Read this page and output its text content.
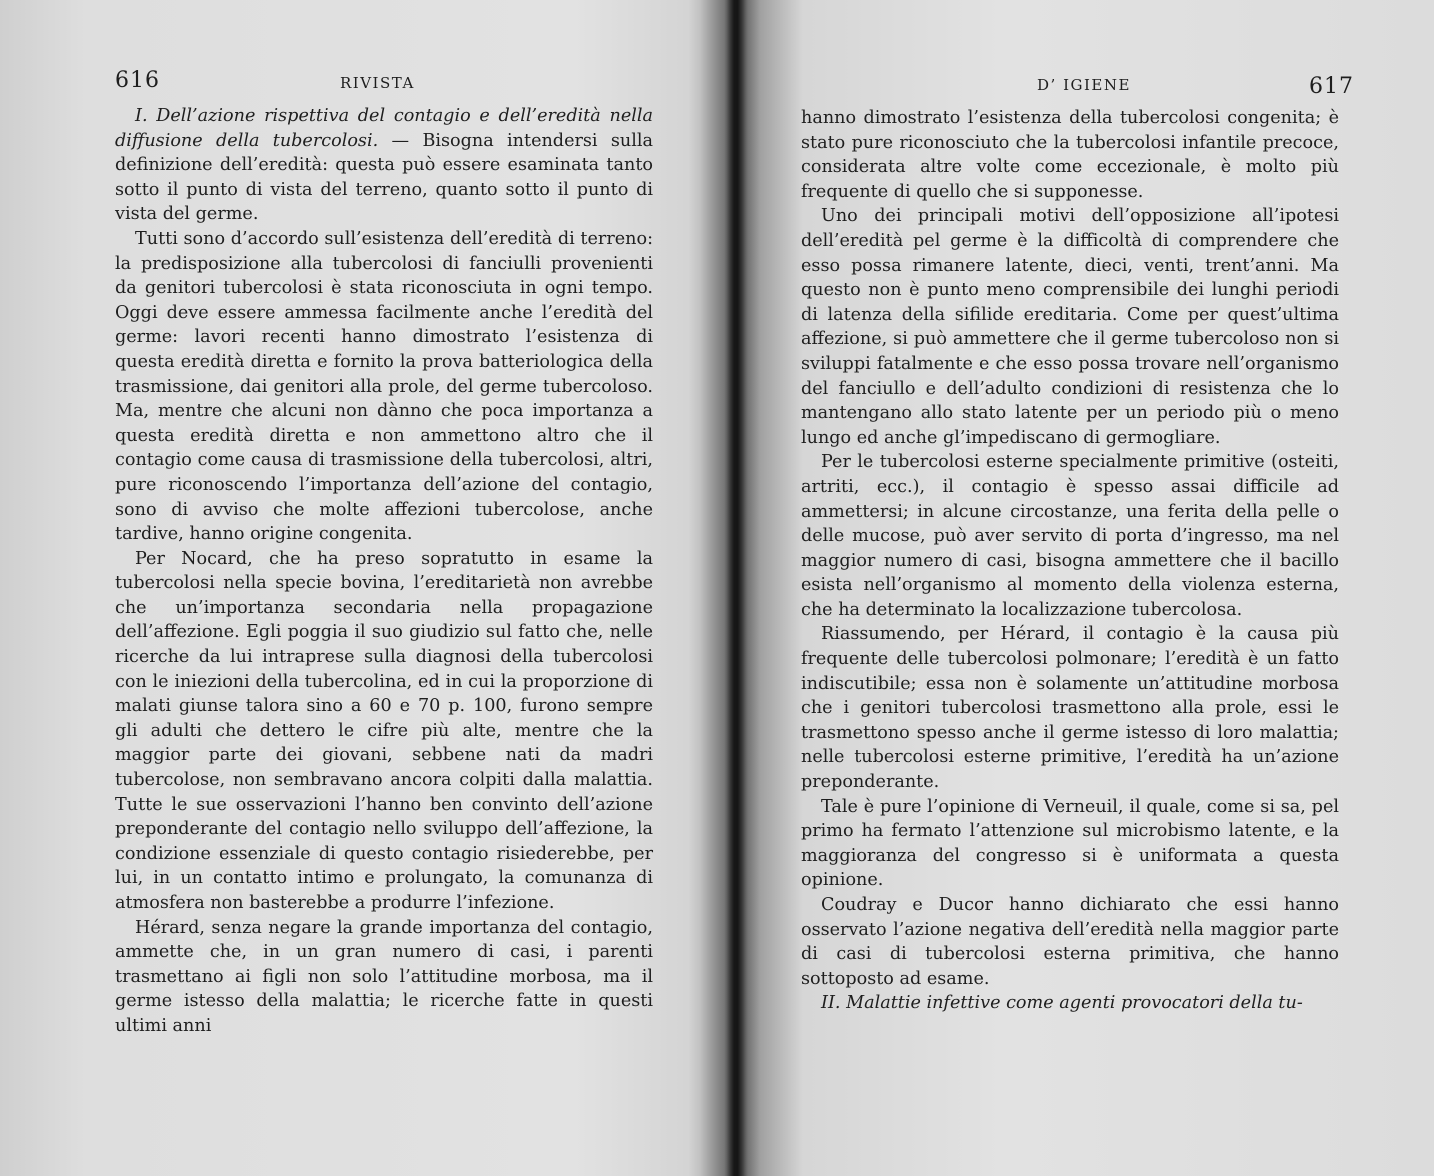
616	RIVISTA

I. Dell’azione rispettiva del contagio e dell’eredità nella diffusione della tubercolosi. — Bisogna intendersi sulla definizione dell’eredità: questa può essere esaminata tanto sotto il punto di vista del terreno, quanto sotto il punto di vista del germe.

Tutti sono d’accordo sull’esistenza dell’eredità di terreno: la predisposizione alla tubercolosi di fanciulli provenienti da genitori tubercolosi è stata riconosciuta in ogni tempo. Oggi deve essere ammessa facilmente anche l’eredità del germe: lavori recenti hanno dimostrato l’esistenza di questa eredità diretta e fornito la prova batteriologica della trasmissione, dai genitori alla prole, del germe tubercoloso. Ma, mentre che alcuni non dànno che poca importanza a questa eredità diretta e non ammettono altro che il contagio come causa di trasmissione della tubercolosi, altri, pure riconoscendo l’importanza dell’azione del contagio, sono di avviso che molte affezioni tubercolose, anche tardive, hanno origine congenita.

Per Nocard, che ha preso sopratutto in esame la tubercolosi nella specie bovina, l’ereditarietà non avrebbe che un’importanza secondaria nella propagazione dell’affezione. Egli poggia il suo giudizio sul fatto che, nelle ricerche da lui intraprese sulla diagnosi della tubercolosi con le iniezioni della tubercolina, ed in cui la proporzione di malati giunse talora sino a 60 e 70 p. 100, furono sempre gli adulti che dettero le cifre più alte, mentre che la maggior parte dei giovani, sebbene nati da madri tubercolose, non sembravano ancora colpiti dalla malattia. Tutte le sue osservazioni l’hanno ben convinto dell’azione preponderante del contagio nello sviluppo dell’affezione, la condizione essenziale di questo contagio risiederebbe, per lui, in un contatto intimo e prolungato, la comunanza di atmosfera non basterebbe a produrre l’infezione.

Hérard, senza negare la grande importanza del contagio, ammette che, in un gran numero di casi, i parenti trasmettano ai figli non solo l’attitudine morbosa, ma il germe istesso della malattia; le ricerche fatte in questi ultimi anni

D’ IGIENE	617

hanno dimostrato l’esistenza della tubercolosi congenita; è stato pure riconosciuto che la tubercolosi infantile precoce, considerata altre volte come eccezionale, è molto più frequente di quello che si supponesse.

Uno dei principali motivi dell’opposizione all’ipotesi dell’eredità pel germe è la difficoltà di comprendere che esso possa rimanere latente, dieci, venti, trent’anni. Ma questo non è punto meno comprensibile dei lunghi periodi di latenza della sifilide ereditaria. Come per quest’ultima affezione, si può ammettere che il germe tubercoloso non si sviluppi fatalmente e che esso possa trovare nell’organismo del fanciullo e dell’adulto condizioni di resistenza che lo mantengano allo stato latente per un periodo più o meno lungo ed anche gl’impediscano di germogliare.

Per le tubercolosi esterne specialmente primitive (osteiti, artriti, ecc.), il contagio è spesso assai difficile ad ammettersi; in alcune circostanze, una ferita della pelle o delle mucose, può aver servito di porta d’ingresso, ma nel maggior numero di casi, bisogna ammettere che il bacillo esista nell’organismo al momento della violenza esterna, che ha determinato la localizzazione tubercolosa.

Riassumendo, per Hérard, il contagio è la causa più frequente delle tubercolosi polmonare; l’eredità è un fatto indiscutibile; essa non è solamente un’attitudine morbosa che i genitori tubercolosi trasmettono alla prole, essi le trasmettono spesso anche il germe istesso di loro malattia; nelle tubercolosi esterne primitive, l’eredità ha un’azione preponderante.

Tale è pure l’opinione di Verneuil, il quale, come si sa, pel primo ha fermato l’attenzione sul microbismo latente, e la maggioranza del congresso si è uniformata a questa opinione.

Coudray e Ducor hanno dichiarato che essi hanno osservato l’azione negativa dell’eredità nella maggior parte di casi di tubercolosi esterna primitiva, che hanno sottoposto ad esame.

II. Malattie infettive come agenti provocatori della tu-
